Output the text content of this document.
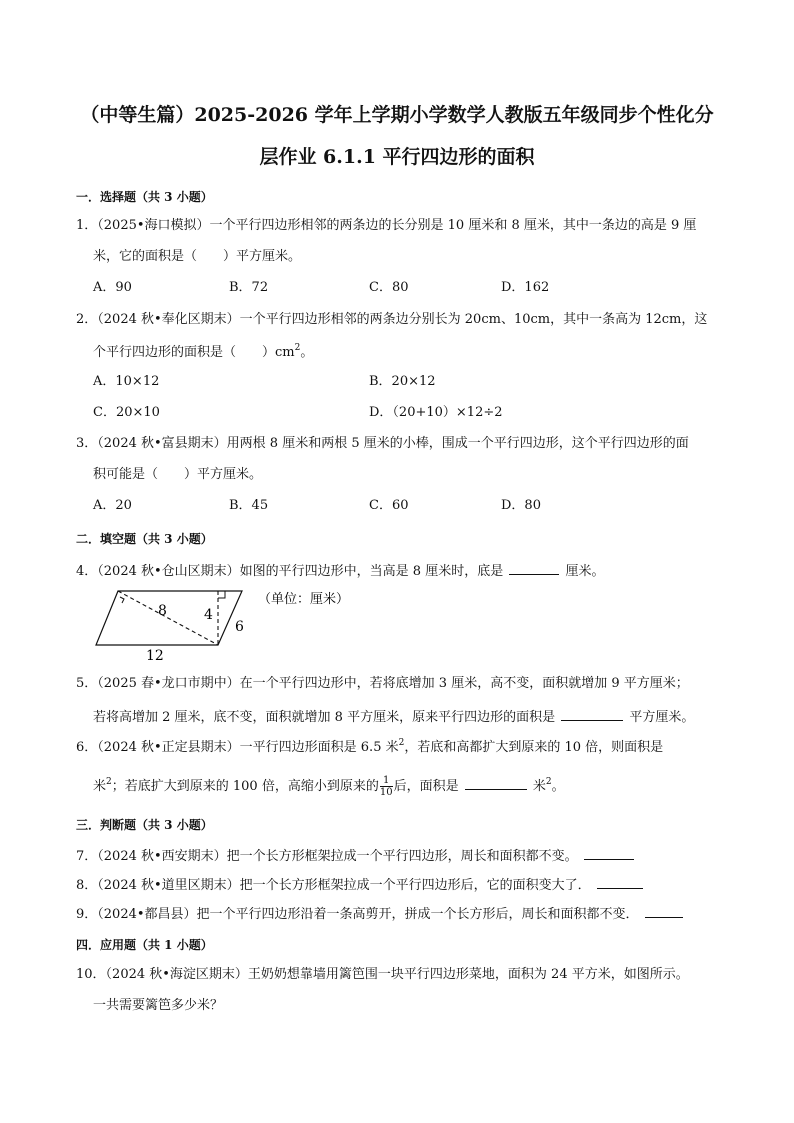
（中等生篇）2025-2026 学年上学期小学数学人教版五年级同步个性化分
层作业 6.1.1 平行四边形的面积
一．选择题（共 3 小题）
1．（2025•海口模拟）一个平行四边形相邻的两条边的长分别是 10 厘米和 8 厘米，其中一条边的高是 9 厘
米，它的面积是（　　）平方厘米。
A．90	B．72	C．80	D．162
2．（2024 秋•奉化区期末）一个平行四边形相邻的两条边分别长为 20cm、10cm，其中一条高为 12cm，这
个平行四边形的面积是（　　）$cm^2$。
A．10×12	B．20×12
C．20×10	D．（20+10）×12÷2
3．（2024 秋•富县期末）用两根 8 厘米和两根 5 厘米的小棒，围成一个平行四边形，这个平行四边形的面
积可能是（　　）平方厘米。
A．20	B．45	C．60	D．80
二．填空题（共 3 小题）
4．（2024 秋•仓山区期末）如图的平行四边形中，当高是 8 厘米时，底是	厘米。
8	4
6
12
（单位：厘米）
5．（2025 春•龙口市期中）在一个平行四边形中，若将底增加 3 厘米，高不变，面积就增加 9 平方厘米；
若将高增加 2 厘米，底不变，面积就增加 8 平方厘米，原来平行四边形的面积是	平方厘米。
6．（2024 秋•正定县期末）一平行四边形面积是 6.5 米$^2$，若底和高都扩大到原来的 10 倍，则面积是
米$^2$；若底扩大到原来的 100 倍，高缩小到原来的 $\frac{1}{10}$ 后，面积是	米$^2$。
三．判断题（共 3 小题）
7．（2024 秋•西安期末）把一个长方形框架拉成一个平行四边形，周长和面积都不变。
8．（2024 秋•道里区期末）把一个长方形框架拉成一个平行四边形后，它的面积变大了．
9．（2024•都昌县）把一个平行四边形沿着一条高剪开，拼成一个长方形后，周长和面积都不变．
四．应用题（共 1 小题）
10．（2024 秋•海淀区期末）王奶奶想靠墙用篱笆围一块平行四边形菜地，面积为 24 平方米，如图所示。
一共需要篱笆多少米？
